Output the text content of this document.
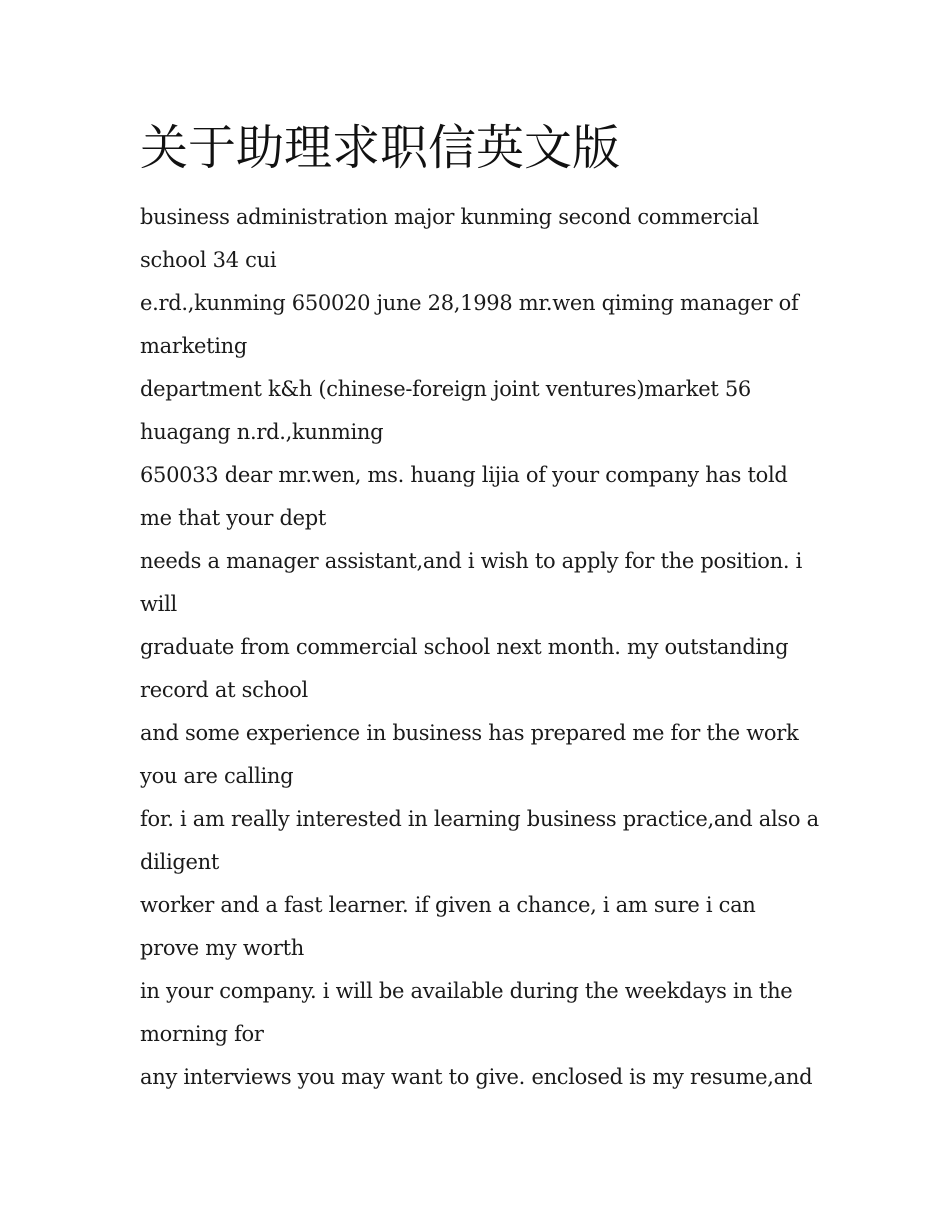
关于助理求职信英文版

business administration major kunming second commercial school 34 cui

e.rd.,kunming 650020 june 28,1998 mr.wen qiming manager of marketing

department k&h (chinese-foreign joint ventures)market 56 huagang n.rd.,kunming

650033 dear mr.wen, ms. huang lijia of your company has told me that your dept

needs a manager assistant,and i wish to apply for the position. i will

graduate from commercial school next month. my outstanding record at school

and some experience in business has prepared me for the work you are calling

for. i am really interested in learning business practice,and also a diligent

worker and a fast learner. if given a chance, i am sure i can prove my worth

in your company. i will be available during the weekdays in the morning for

any interviews you may want to give. enclosed is my resume,and
